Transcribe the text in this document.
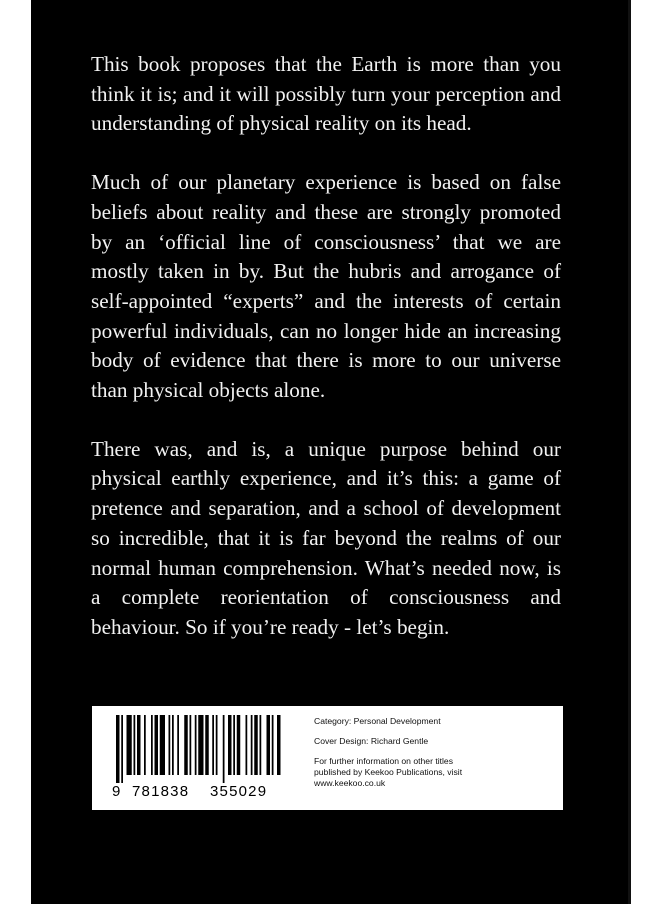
This book proposes that the Earth is more than you think it is; and it will possibly turn your perception and understanding of physical reality on its head.

Much of our planetary experience is based on false beliefs about reality and these are strongly promoted by an ‘official line of consciousness’ that we are mostly taken in by. But the hubris and arrogance of self-appointed “experts” and the interests of certain powerful individuals, can no longer hide an increasing body of evidence that there is more to our universe than physical objects alone.

There was, and is, a unique purpose behind our physical earthly experience, and it’s this: a game of pretence and separation, and a school of development so incredible, that it is far beyond the realms of our normal human comprehension. What’s needed now, is a complete reorientation of consciousness and behaviour. So if you’re ready - let’s begin.

9 781838 355029
Category: Personal Development
Cover Design: Richard Gentle
For further information on other titles
published by Keekoo Publications, visit
www.keekoo.co.uk
